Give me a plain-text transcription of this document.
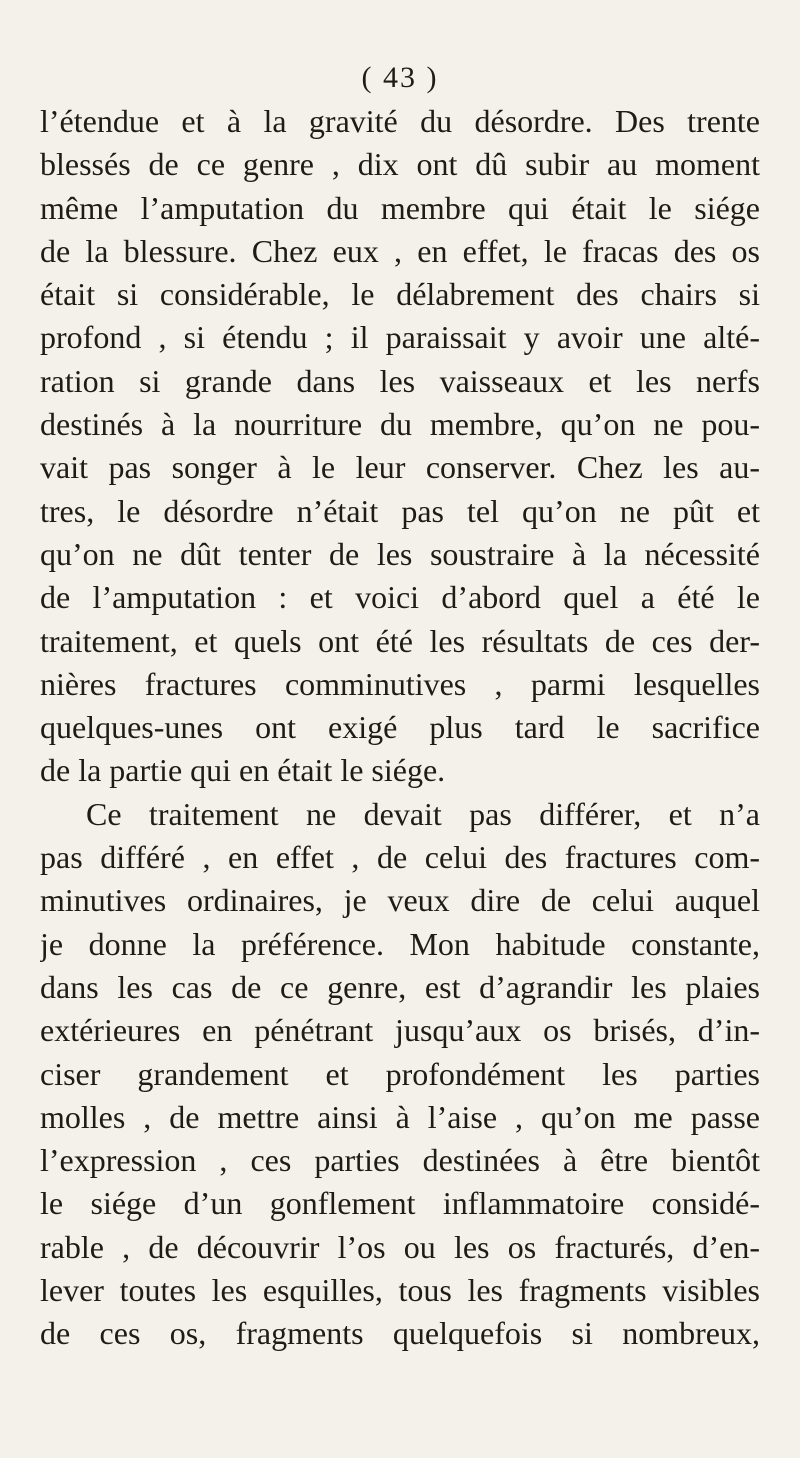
( 43 )
l’étendue et à la gravité du désordre. Des trente
blessés de ce genre , dix ont dû subir au moment
même l’amputation du membre qui était le siége
de la blessure. Chez eux , en effet, le fracas des os
était si considérable, le délabrement des chairs si
profond , si étendu ; il paraissait y avoir une alté-
ration si grande dans les vaisseaux et les nerfs
destinés à la nourriture du membre, qu’on ne pou-
vait pas songer à le leur conserver. Chez les au-
tres, le désordre n’était pas tel qu’on ne pût et
qu’on ne dût tenter de les soustraire à la nécessité
de l’amputation : et voici d’abord quel a été le
traitement, et quels ont été les résultats de ces der-
nières fractures comminutives , parmi lesquelles
quelques-unes ont exigé plus tard le sacrifice
de la partie qui en était le siége.
Ce traitement ne devait pas différer, et n’a
pas différé , en effet , de celui des fractures com-
minutives ordinaires, je veux dire de celui auquel
je donne la préférence. Mon habitude constante,
dans les cas de ce genre, est d’agrandir les plaies
extérieures en pénétrant jusqu’aux os brisés, d’in-
ciser grandement et profondément les parties
molles , de mettre ainsi à l’aise , qu’on me passe
l’expression , ces parties destinées à être bientôt
le siége d’un gonflement inflammatoire considé-
rable , de découvrir l’os ou les os fracturés, d’en-
lever toutes les esquilles, tous les fragments visibles
de ces os, fragments quelquefois si nombreux,
